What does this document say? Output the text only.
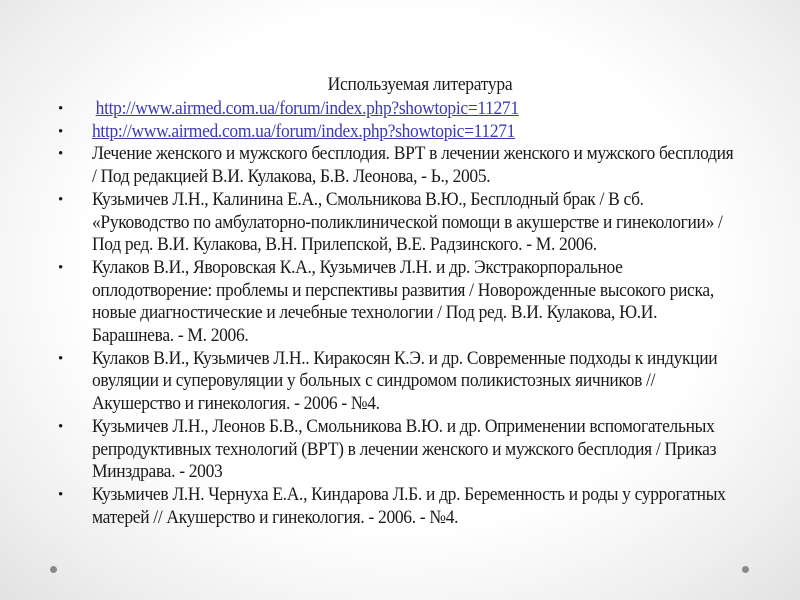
Используемая литература
• http://www.airmed.com.ua/forum/index.php?showtopic=11271
• http://www.airmed.com.ua/forum/index.php?showtopic=11271
• Лечение женского и мужского бесплодия. ВРТ в лечении женского и мужского бесплодия
/ Под редакцией В.И. Кулакова, Б.В. Леонова, - Ь., 2005.
• Кузьмичев Л.Н., Калинина Е.А., Смольникова В.Ю., Бесплодный брак / В сб.
«Руководство по амбулаторно-поликлинической помощи в акушерстве и гинекологии» /
Под ред. В.И. Кулакова, В.Н. Прилепской, В.Е. Радзинского. - М. 2006.
• Кулаков В.И., Яворовская К.А., Кузьмичев Л.Н. и др. Экстракорпоральное
оплодотворение: проблемы и перспективы развития / Новорожденные высокого риска,
новые диагностические и лечебные технологии / Под ред. В.И. Кулакова, Ю.И.
Барашнева. - М. 2006.
• Кулаков В.И., Кузьмичев Л.Н.. Киракосян К.Э. и др. Современные подходы к индукции
овуляции и суперовуляции у больных с синдромом поликистозных яичников //
Акушерство и гинекология. - 2006 - №4.
• Кузьмичев Л.Н., Леонов Б.В., Смольникова В.Ю. и др. Оприменении вспомогательных
репродуктивных технологий (ВРТ) в лечении женского и мужского бесплодия / Приказ
Минздрава. - 2003
• Кузьмичев Л.Н. Чернуха Е.А., Киндарова Л.Б. и др. Беременность и роды у суррогатных
матерей // Акушерство и гинекология. - 2006. - №4.
